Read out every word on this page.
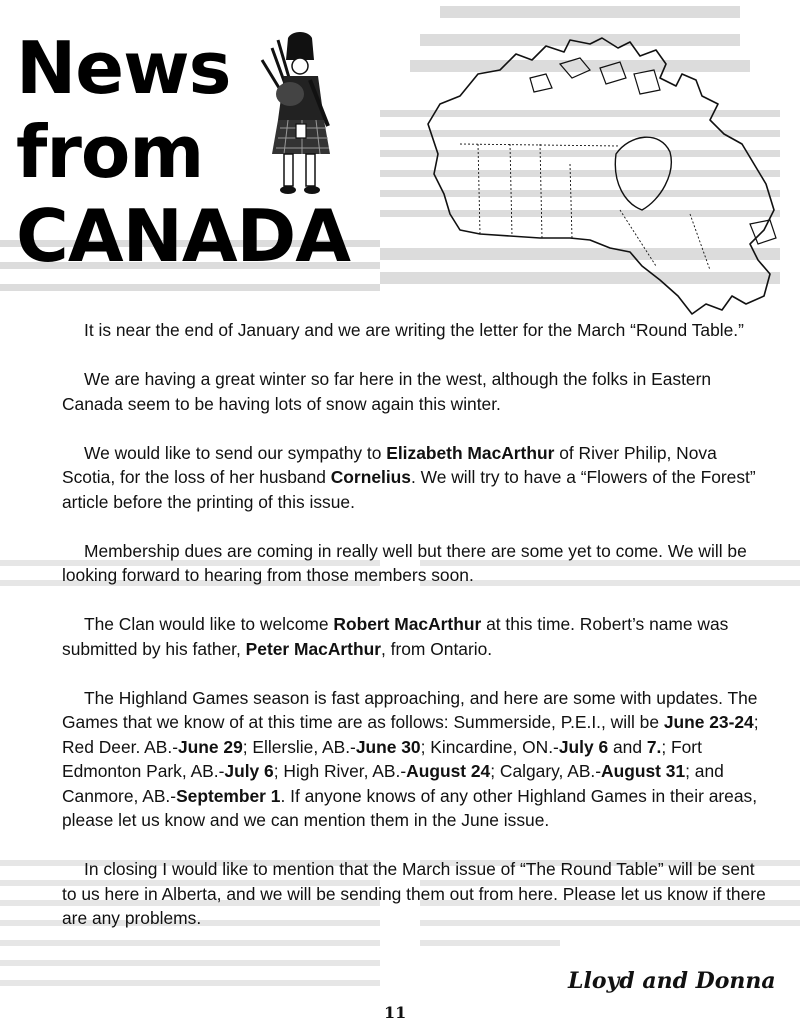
News
from
CANADA

It is near the end of January and we are writing the letter for the March “Round Table.”

We are having a great winter so far here in the west, although the folks in Eastern Canada seem to be having lots of snow again this winter.

We would like to send our sympathy to Elizabeth MacArthur of River Philip, Nova Scotia, for the loss of her husband Cornelius. We will try to have a “Flowers of the Forest” article before the printing of this issue.

Membership dues are coming in really well but there are some yet to come. We will be looking forward to hearing from those members soon.

The Clan would like to welcome Robert MacArthur at this time. Robert’s name was submitted by his father, Peter MacArthur, from Ontario.

The Highland Games season is fast approaching, and here are some with updates. The Games that we know of at this time are as follows: Summerside, P.E.I., will be June 23-24; Red Deer. AB.-June 29; Ellerslie, AB.-June 30; Kincardine, ON.-July 6 and 7.; Fort Edmonton Park, AB.-July 6; High River, AB.-August 24; Calgary, AB.-August 31; and Canmore, AB.-September 1. If anyone knows of any other Highland Games in their areas, please let us know and we can mention them in the June issue.

In closing I would like to mention that the March issue of “The Round Table” will be sent to us here in Alberta, and we will be sending them out from here. Please let us know if there are any problems.

Lloyd and Donna
11
